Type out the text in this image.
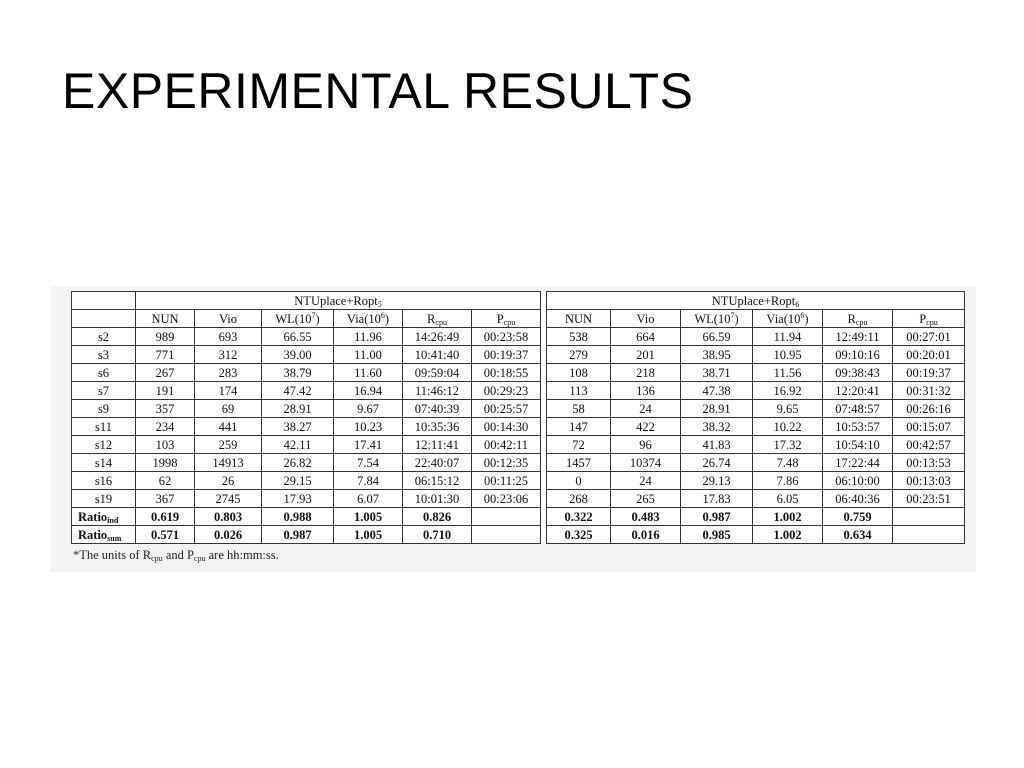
EXPERIMENTAL RESULTS
	NTUplace+Ropt$_5$							NTUplace+Ropt$_6$
	NUN	Vio	$WL(10^7)$	$Via(10^6)$	$R_{cpu}$	$P_{cpu}$		NUN	Vio	$WL(10^7)$	$Via(10^6)$	$R_{cpu}$	$P_{cpu}$
s2	989	693	66.55	11.96	14:26:49	00:23:58		538	664	66.59	11.94	12:49:11	00:27:01
s3	771	312	39.00	11.00	10:41:40	00:19:37		279	201	38.95	10.95	09:10:16	00:20:01
s6	267	283	38.79	11.60	09:59:04	00:18:55		108	218	38.71	11.56	09:38:43	00:19:37
s7	191	174	47.42	16.94	11:46:12	00:29:23		113	136	47.38	16.92	12:20:41	00:31:32
s9	357	69	28.91	9.67	07:40:39	00:25:57		58	24	28.91	9.65	07:48:57	00:26:16
s11	234	441	38.27	10.23	10:35:36	00:14:30		147	422	38.32	10.22	10:53:57	00:15:07
s12	103	259	42.11	17.41	12:11:41	00:42:11		72	96	41.83	17.32	10:54:10	00:42:57
s14	1998	14913	26.82	7.54	22:40:07	00:12:35		1457	10374	26.74	7.48	17:22:44	00:13:53
s16	62	26	29.15	7.84	06:15:12	00:11:25		0	24	29.13	7.86	06:10:00	00:13:03
s19	367	2745	17.93	6.07	10:01:30	00:23:06		268	265	17.83	6.05	06:40:36	00:23:51
Ratio$_{ind}$	0.619	0.803	0.988	1.005	0.826			0.322	0.483	0.987	1.002	0.759	
Ratio$_{sum}$	0.571	0.026	0.987	1.005	0.710			0.325	0.016	0.985	1.002	0.634	
*The units of $R_{cpu}$ and $P_{cpu}$ are hh:mm:ss.
